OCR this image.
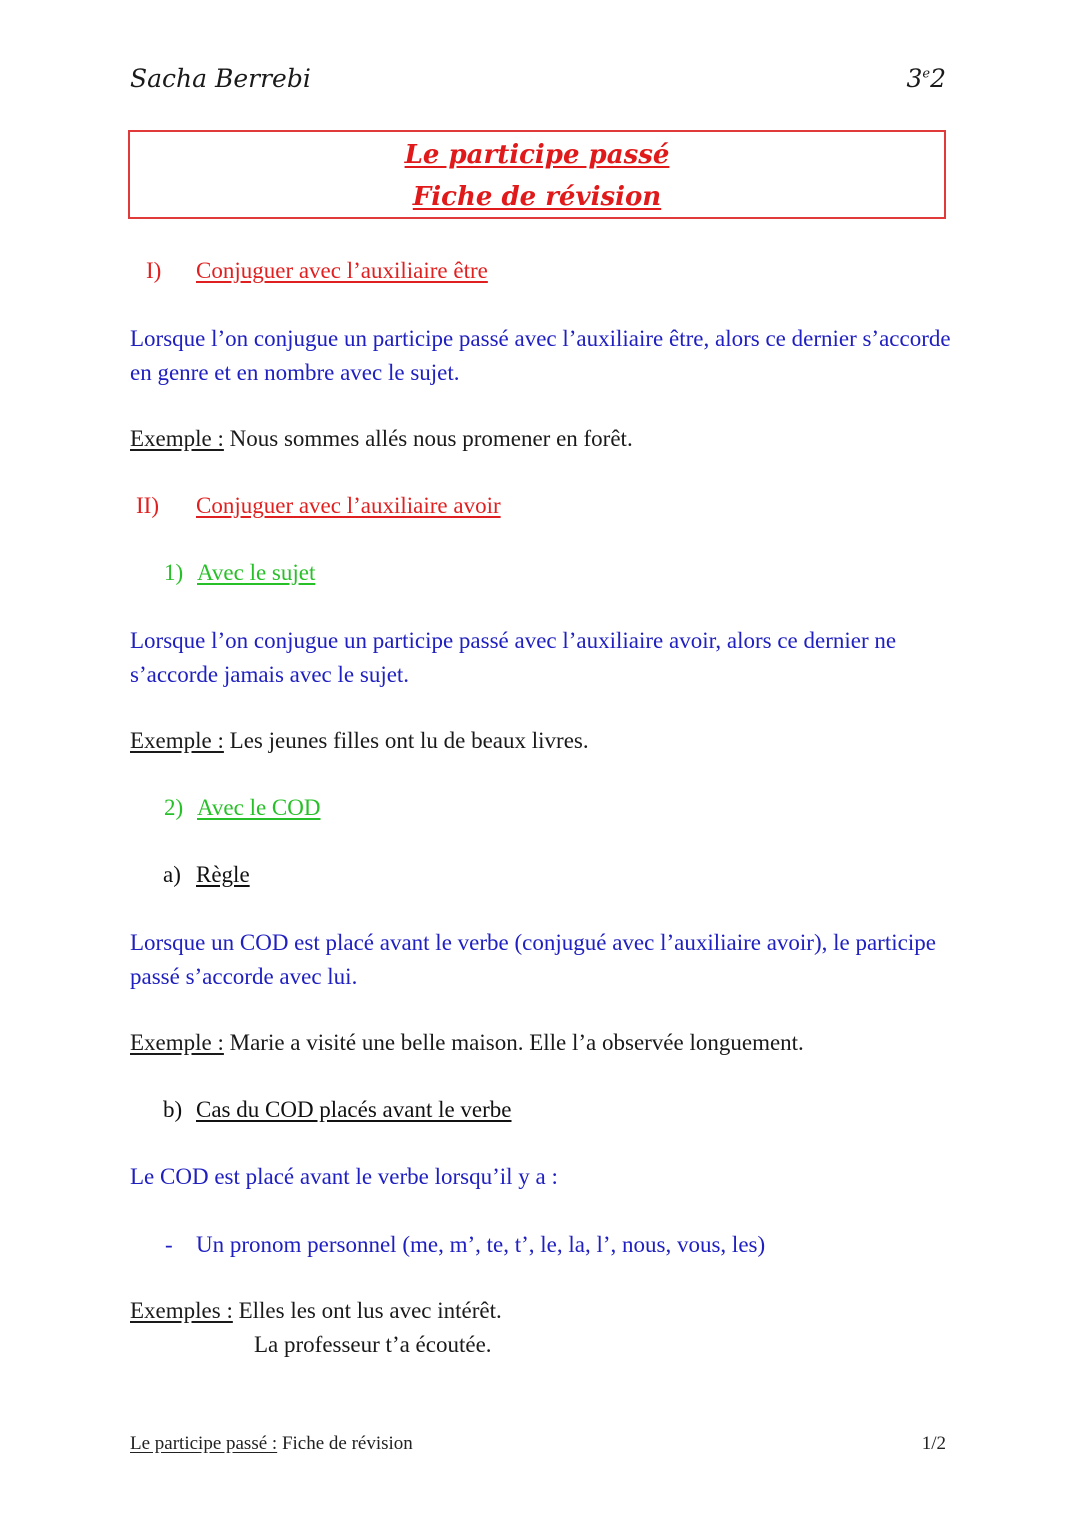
Sacha Berrebi	3e2
Le participe passé
Fiche de révision
I) Conjuguer avec l’auxiliaire être
Lorsque l’on conjugue un participe passé avec l’auxiliaire être, alors ce dernier s’accorde en genre et en nombre avec le sujet.
Exemple : Nous sommes allés nous promener en forêt.
II) Conjuguer avec l’auxiliaire avoir
1) Avec le sujet
Lorsque l’on conjugue un participe passé avec l’auxiliaire avoir, alors ce dernier ne s’accorde jamais avec le sujet.
Exemple : Les jeunes filles ont lu de beaux livres.
2) Avec le COD
a) Règle
Lorsque un COD est placé avant le verbe (conjugué avec l’auxiliaire avoir), le participe passé s’accorde avec lui.
Exemple : Marie a visité une belle maison. Elle l’a observée longuement.
b) Cas du COD placés avant le verbe
Le COD est placé avant le verbe lorsqu’il y a :
-	Un pronom personnel (me, m’, te, t’, le, la, l’, nous, vous, les)
Exemples : Elles les ont lus avec intérêt.
La professeur t’a écoutée.
Le participe passé : Fiche de révision	1/2
